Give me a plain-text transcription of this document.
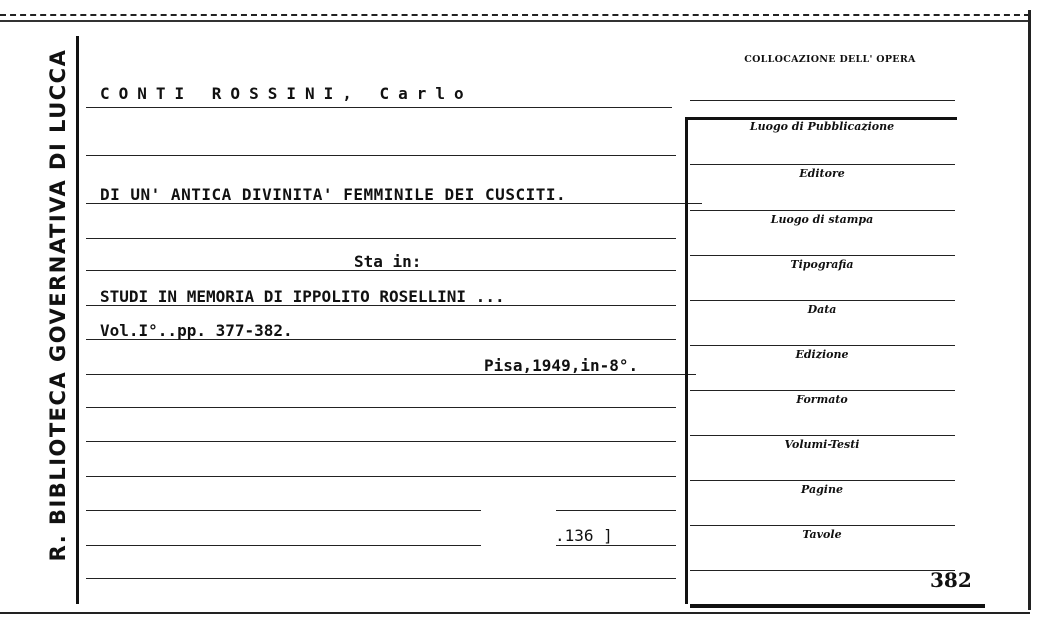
R. BIBLIOTECA GOVERNATIVA DI LUCCA CONTI ROSSINI, Carlo
DI UN' ANTICA DIVINITA' FEMMINILE DEI CUSCITI.
Sta in:
STUDI IN MEMORIA DI IPPOLITO ROSELLINI ...
Vol.I°..pp. 377-382.
Pisa,1949,in-8°.
.136 ]
COLLOCAZIONE DELL' OPERA
Luogo di Pubblicazione
Editore
Luogo di stampa
Tipografia
Data
Edizione
Formato
Volumi-Testi
Pagine
Tavole
382
